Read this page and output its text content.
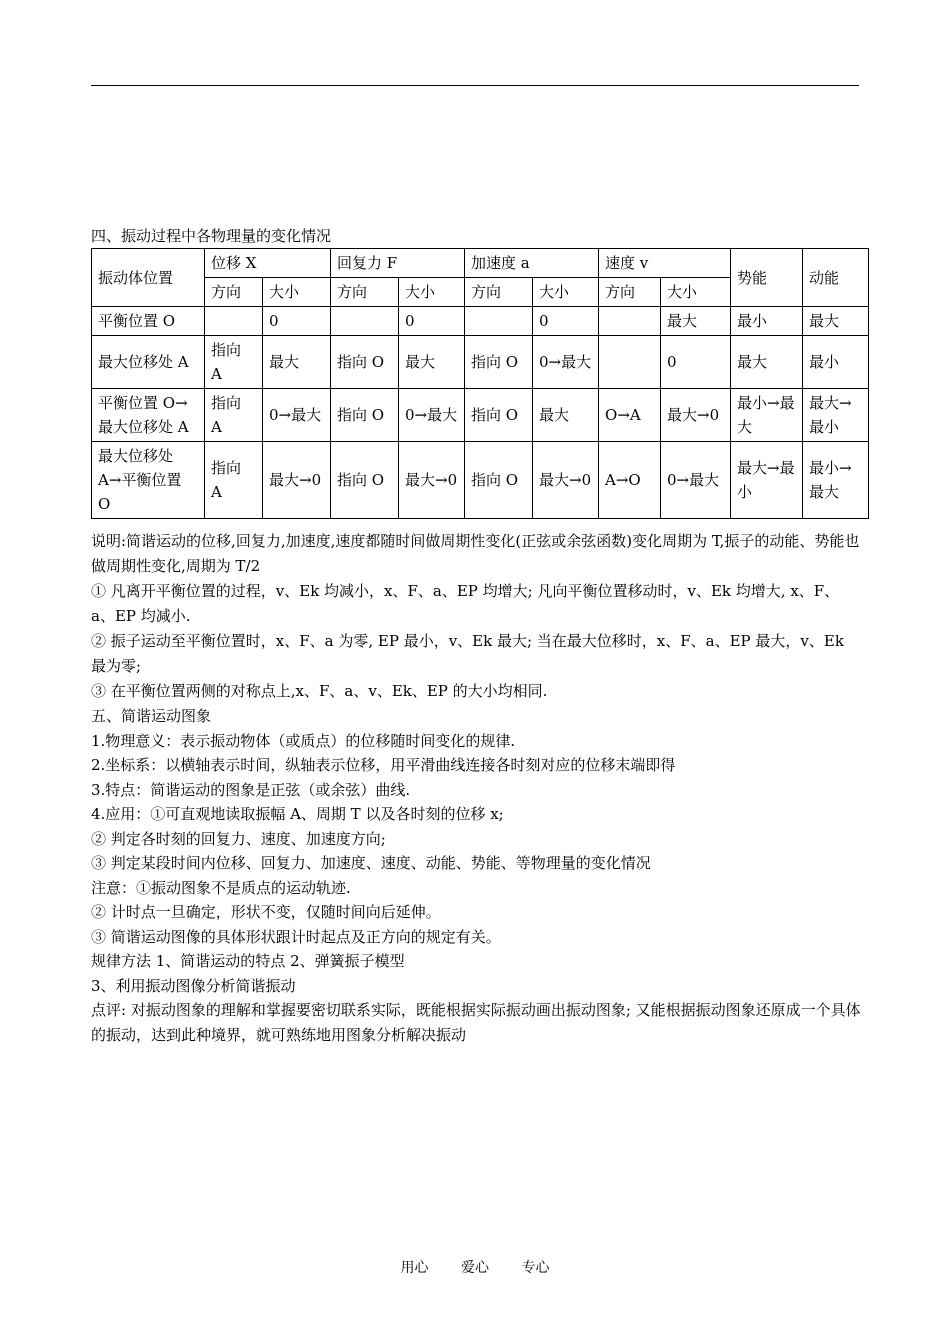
四、振动过程中各物理量的变化情况
振动体位置	位移 X		回复力 F		加速度 a		速度 v		势能	动能
	方向	大小	方向	大小	方向	大小	方向	大小		
平衡位置 O		0		0		0		最大	最小	最大
最大位移处 A	指向 A	最大	指向 O	最大	指向 O	0→最大		0	最大	最小
平衡位置 O→最大位移处 A	指向 A	0→最大	指向 O	0→最大	指向 O	最大	O→A	最大→0	最小→最大	最大→最小
最大位移处 A→平衡位置 O	指向 A	最大→0	指向 O	最大→0	指向 O	最大→0	A→O	0→最大	最大→最小	最小→最大

说明:简谐运动的位移,回复力,加速度,速度都随时间做周期性变化(正弦或余弦函数)变化周期为 T,振子的动能、势能也做周期性变化,周期为 T/2

① 凡离开平衡位置的过程，v、Ek 均减小，x、F、a、EP 均增大; 凡向平衡位置移动时，v、Ek 均增大, x、F、a、EP 均减小.

② 振子运动至平衡位置时，x、F、a 为零, EP 最小，v、Ek 最大; 当在最大位移时，x、F、a、EP 最大，v、Ek 最为零;

③ 在平衡位置两侧的对称点上,x、F、a、v、Ek、EP 的大小均相同.

五、简谐运动图象

1.物理意义：表示振动物体（或质点）的位移随时间变化的规律.

2.坐标系：以横轴表示时间，纵轴表示位移，用平滑曲线连接各时刻对应的位移末端即得

3.特点：简谐运动的图象是正弦（或余弦）曲线.

4.应用：①可直观地读取振幅 A、周期 T 以及各时刻的位移 x;

② 判定各时刻的回复力、速度、加速度方向;

③ 判定某段时间内位移、回复力、加速度、速度、动能、势能、等物理量的变化情况

注意：①振动图象不是质点的运动轨迹.

② 计时点一旦确定，形状不变，仅随时间向后延伸。

③ 简谐运动图像的具体形状跟计时起点及正方向的规定有关。

规律方法 1、简谐运动的特点 2、弹簧振子模型

3、利用振动图像分析简谐振动

点评: 对振动图象的理解和掌握要密切联系实际，既能根据实际振动画出振动图象; 又能根据振动图象还原成一个具体的振动，达到此种境界，就可熟练地用图象分析解决振动

用心 爱心 专心
